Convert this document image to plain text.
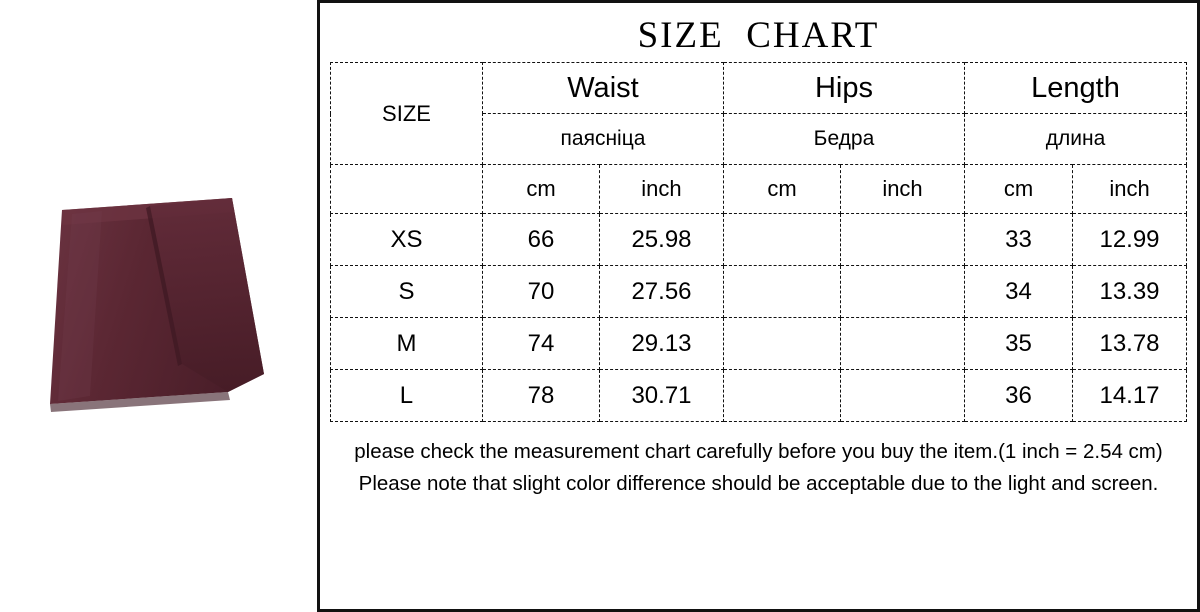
SIZE  CHART
SIZE	Waist		Hips		Length	
	паясніца		Бедра		длина	
	cm	inch	cm	inch	cm	inch
XS	66	25.98			33	12.99
S	70	27.56			34	13.39
M	74	29.13			35	13.78
L	78	30.71			36	14.17
please check the measurement chart carefully before you buy the item.(1 inch = 2.54 cm)
Please note that slight color difference should be acceptable due to the light and screen.
